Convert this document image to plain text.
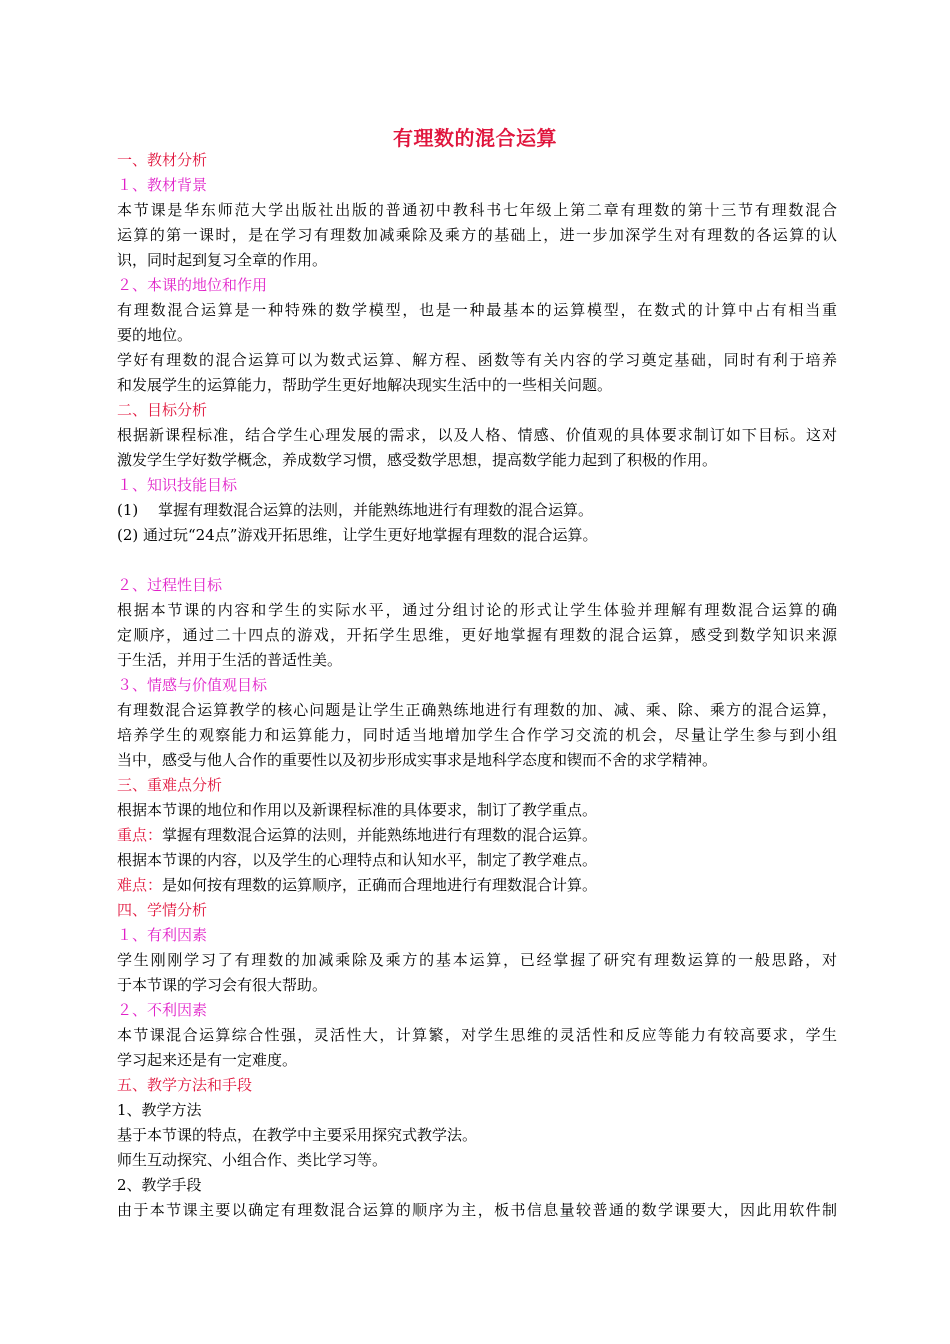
有理数的混合运算
一、教材分析
１、教材背景
本节课是华东师范大学出版社出版的普通初中教科书七年级上第二章有理数的第十三节有理数混合
运算的第一课时，是在学习有理数加减乘除及乘方的基础上，进一步加深学生对有理数的各运算的认
识，同时起到复习全章的作用。
２、本课的地位和作用
有理数混合运算是一种特殊的数学模型，也是一种最基本的运算模型，在数式的计算中占有相当重
要的地位。
学好有理数的混合运算可以为数式运算、解方程、函数等有关内容的学习奠定基础，同时有利于培养
和发展学生的运算能力，帮助学生更好地解决现实生活中的一些相关问题。
二、目标分析
根据新课程标准，结合学生心理发展的需求，以及人格、情感、价值观的具体要求制订如下目标。这对
激发学生学好数学概念，养成数学习惯，感受数学思想，提高数学能力起到了积极的作用。
１、知识技能目标
(1)　 掌握有理数混合运算的法则，并能熟练地进行有理数的混合运算。
(2) 通过玩“24点”游戏开拓思维，让学生更好地掌握有理数的混合运算。
２、过程性目标
根据本节课的内容和学生的实际水平，通过分组讨论的形式让学生体验并理解有理数混合运算的确
定顺序，通过二十四点的游戏，开拓学生思维，更好地掌握有理数的混合运算，感受到数学知识来源
于生活，并用于生活的普适性美。
３、情感与价值观目标
有理数混合运算教学的核心问题是让学生正确熟练地进行有理数的加、减、乘、除、乘方的混合运算，
培养学生的观察能力和运算能力，同时适当地增加学生合作学习交流的机会，尽量让学生参与到小组
当中，感受与他人合作的重要性以及初步形成实事求是地科学态度和锲而不舍的求学精神。
三、重难点分析
根据本节课的地位和作用以及新课程标准的具体要求，制订了教学重点。
重点：掌握有理数混合运算的法则，并能熟练地进行有理数的混合运算。
根据本节课的内容，以及学生的心理特点和认知水平，制定了教学难点。
难点：是如何按有理数的运算顺序，正确而合理地进行有理数混合计算。
四、学情分析
１、有利因素
学生刚刚学习了有理数的加减乘除及乘方的基本运算，已经掌握了研究有理数运算的一般思路，对
于本节课的学习会有很大帮助。
２、不利因素
本节课混合运算综合性强，灵活性大，计算繁，对学生思维的灵活性和反应等能力有较高要求，学生
学习起来还是有一定难度。
五、教学方法和手段
1、教学方法
基于本节课的特点，在教学中主要采用探究式教学法。
师生互动探究、小组合作、类比学习等。
2、教学手段
由于本节课主要以确定有理数混合运算的顺序为主，板书信息量较普通的数学课要大，因此用软件制
